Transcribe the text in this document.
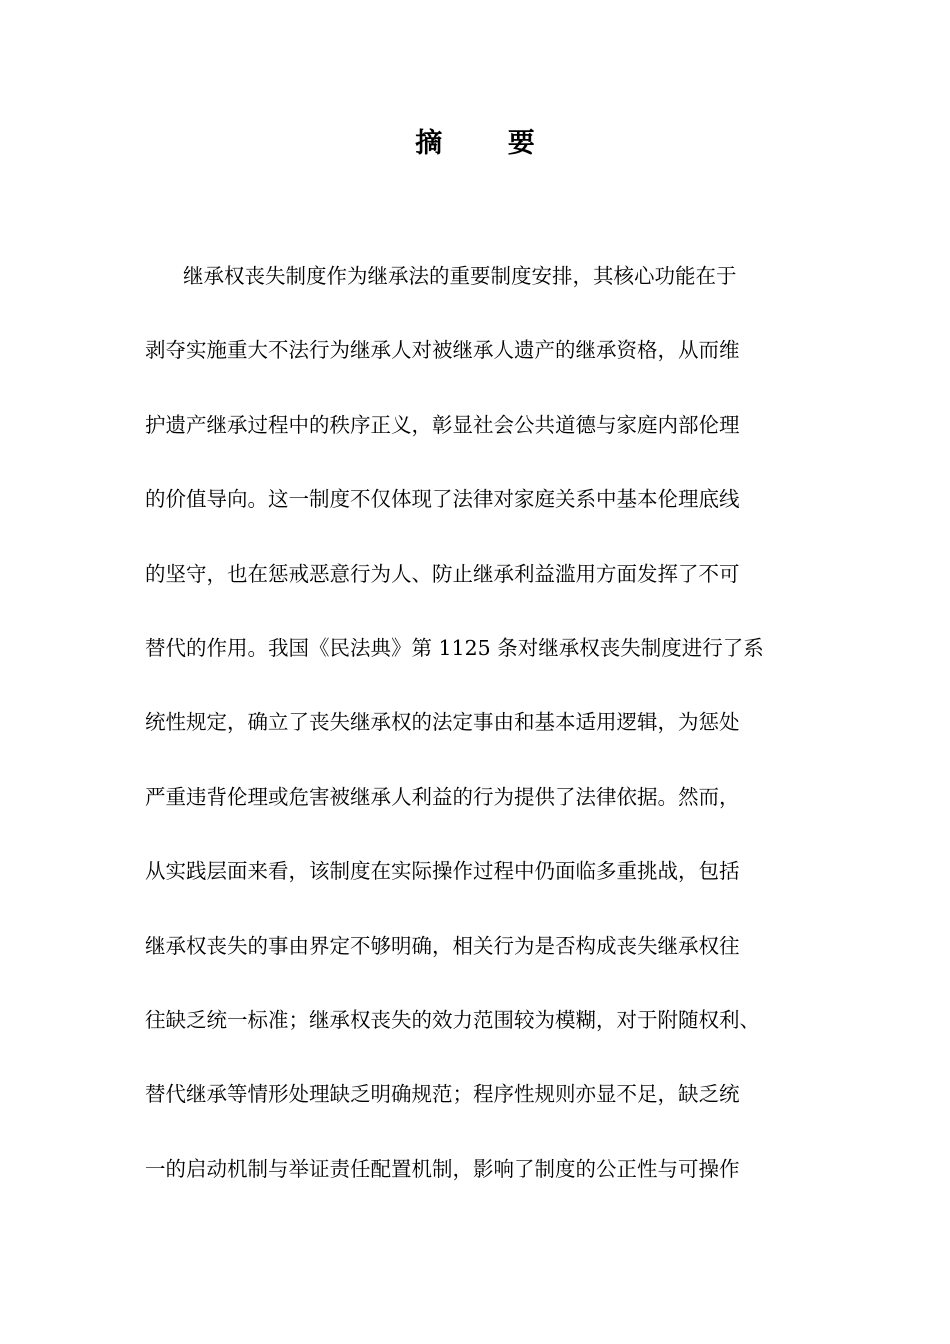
摘 要
继承权丧失制度作为继承法的重要制度安排，其核心功能在于
剥夺实施重大不法行为继承人对被继承人遗产的继承资格，从而维
护遗产继承过程中的秩序正义，彰显社会公共道德与家庭内部伦理
的价值导向。这一制度不仅体现了法律对家庭关系中基本伦理底线
的坚守，也在惩戒恶意行为人、防止继承利益滥用方面发挥了不可
替代的作用。我国《民法典》第 1125 条对继承权丧失制度进行了系
统性规定，确立了丧失继承权的法定事由和基本适用逻辑，为惩处
严重违背伦理或危害被继承人利益的行为提供了法律依据。然而，
从实践层面来看，该制度在实际操作过程中仍面临多重挑战，包括
继承权丧失的事由界定不够明确，相关行为是否构成丧失继承权往
往缺乏统一标准；继承权丧失的效力范围较为模糊，对于附随权利、
替代继承等情形处理缺乏明确规范；程序性规则亦显不足，缺乏统
一的启动机制与举证责任配置机制，影响了制度的公正性与可操作
